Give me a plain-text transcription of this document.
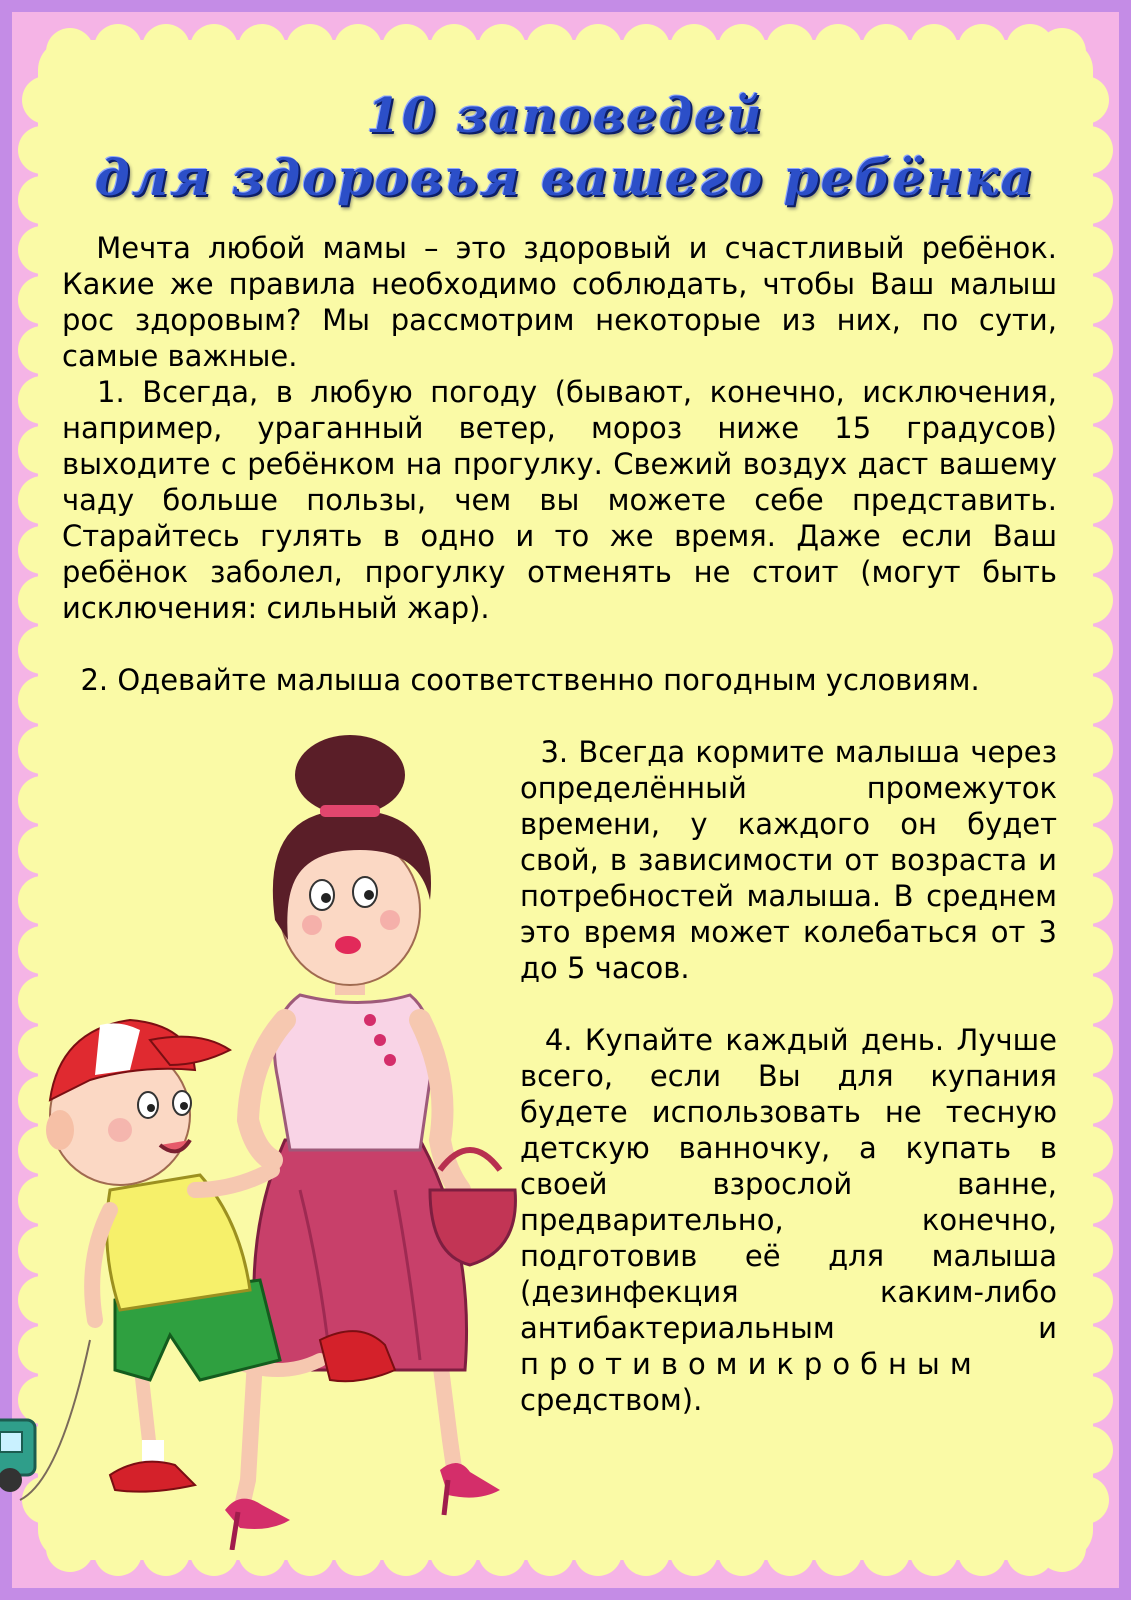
10 заповедей
для здоровья вашего ребёнка

Мечта любой мамы – это здоровый и счастливый ребёнок. Какие же правила необходимо соблюдать, чтобы Ваш малыш рос здоровым? Мы рассмотрим некоторые из них, по сути, самые важные.

1. Всегда, в любую погоду (бывают, конечно, исключения, например, ураганный ветер, мороз ниже 15 градусов) выходите с ребёнком на прогулку. Свежий воздух даст вашему чаду больше пользы, чем вы можете себе представить. Старайтесь гулять в одно и то же время. Даже если Ваш ребёнок заболел, прогулку отменять не стоит (могут быть исключения: сильный жар).

2. Одевайте малыша соответственно погодным условиям.

3. Всегда кормите малыша через определённый промежуток времени, у каждого он будет свой, в зависимости от возраста и потребностей малыша. В среднем это время может колебаться от 3 до 5 часов.

4. Купайте каждый день. Лучше всего, если Вы для купания будете использовать не тесную детскую ванночку, а купать в своей взрослой ванне, предварительно, конечно, подготовив её для малыша (дезинфекция каким-либо антибактериальным и противомикробным средством).
